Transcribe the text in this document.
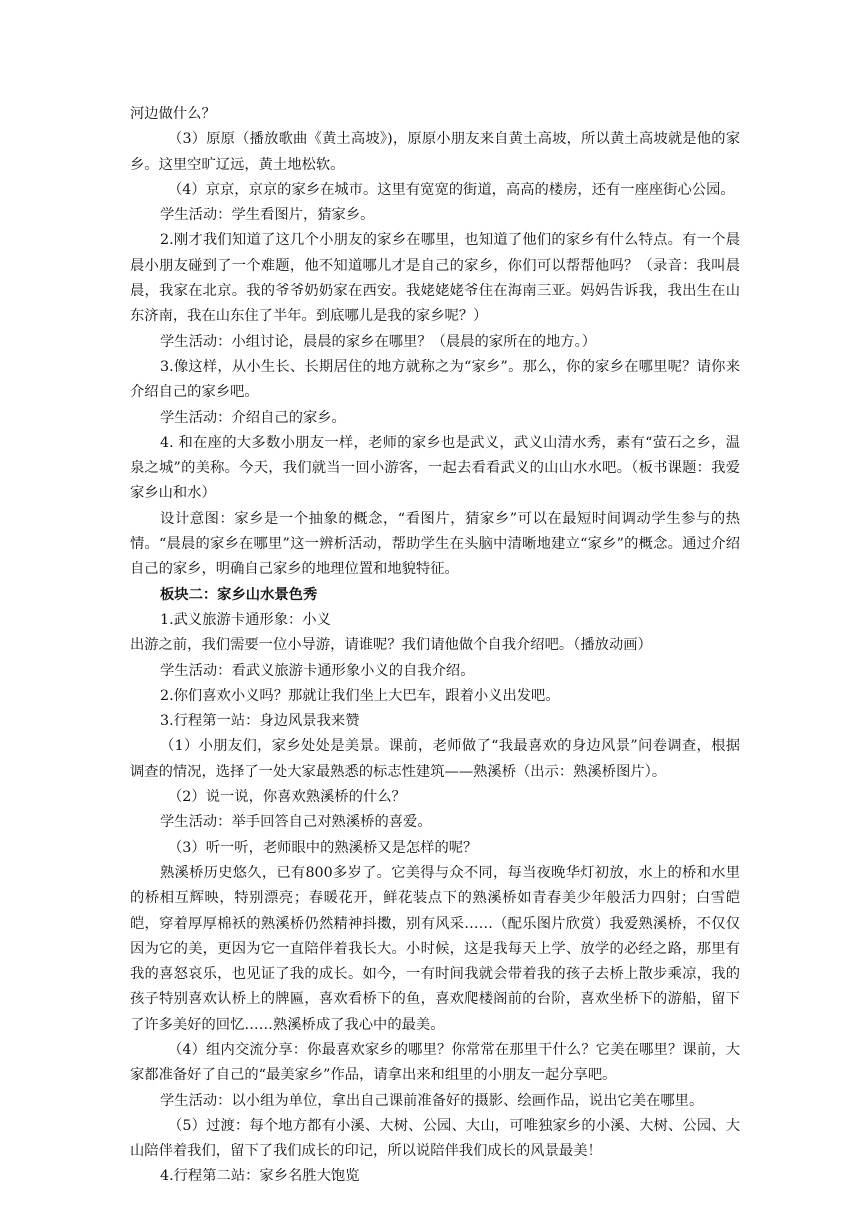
河边做什么？

（3）原原（播放歌曲《黄土高坡》)，原原小朋友来自黄土高坡，所以黄土高坡就是他的家乡。这里空旷辽远，黄土地松软。

（4）京京，京京的家乡在城市。这里有宽宽的街道，高高的楼房，还有一座座街心公园。

学生活动：学生看图片，猜家乡。

2.刚才我们知道了这几个小朋友的家乡在哪里，也知道了他们的家乡有什么特点。有一个晨晨小朋友碰到了一个难题，他不知道哪儿才是自己的家乡，你们可以帮帮他吗？（录音：我叫晨晨，我家在北京。我的爷爷奶奶家在西安。我姥姥姥爷住在海南三亚。妈妈告诉我，我出生在山东济南，我在山东住了半年。到底哪儿是我的家乡呢？）

学生活动：小组讨论，晨晨的家乡在哪里？（晨晨的家所在的地方。）

3.像这样，从小生长、长期居住的地方就称之为“家乡”。那么，你的家乡在哪里呢？请你来介绍自己的家乡吧。

学生活动：介绍自己的家乡。

4. 和在座的大多数小朋友一样，老师的家乡也是武义，武义山清水秀，素有“萤石之乡，温泉之城”的美称。今天，我们就当一回小游客，一起去看看武义的山山水水吧。（板书课题：我爱家乡山和水）

设计意图：家乡是一个抽象的概念，“看图片，猜家乡”可以在最短时间调动学生参与的热情。“晨晨的家乡在哪里”这一辨析活动，帮助学生在头脑中清晰地建立“家乡”的概念。通过介绍自己的家乡，明确自己家乡的地理位置和地貌特征。

板块二：家乡山水景色秀

1.武义旅游卡通形象：小义

出游之前，我们需要一位小导游，请谁呢？我们请他做个自我介绍吧。（播放动画）

学生活动：看武义旅游卡通形象小义的自我介绍。

2.你们喜欢小义吗？那就让我们坐上大巴车，跟着小义出发吧。

3.行程第一站：身边风景我来赞

（1）小朋友们，家乡处处是美景。课前，老师做了“我最喜欢的身边风景”问卷调查，根据调查的情况，选择了一处大家最熟悉的标志性建筑——熟溪桥（出示：熟溪桥图片）。

（2）说一说，你喜欢熟溪桥的什么？

学生活动：举手回答自己对熟溪桥的喜爱。

（3）听一听，老师眼中的熟溪桥又是怎样的呢？

熟溪桥历史悠久，已有800多岁了。它美得与众不同，每当夜晚华灯初放，水上的桥和水里的桥相互辉映，特别漂亮；春暖花开，鲜花装点下的熟溪桥如青春美少年般活力四射；白雪皑皑，穿着厚厚棉袄的熟溪桥仍然精神抖擞，别有风采……（配乐图片欣赏）我爱熟溪桥，不仅仅因为它的美，更因为它一直陪伴着我长大。小时候，这是我每天上学、放学的必经之路，那里有我的喜怒哀乐，也见证了我的成长。如今，一有时间我就会带着我的孩子去桥上散步乘凉，我的孩子特别喜欢认桥上的牌匾，喜欢看桥下的鱼，喜欢爬楼阁前的台阶，喜欢坐桥下的游船，留下了许多美好的回忆……熟溪桥成了我心中的最美。

（4）组内交流分享：你最喜欢家乡的哪里？你常常在那里干什么？它美在哪里？课前，大家都准备好了自己的“最美家乡”作品，请拿出来和组里的小朋友一起分享吧。

学生活动：以小组为单位，拿出自己课前准备好的摄影、绘画作品，说出它美在哪里。

（5）过渡：每个地方都有小溪、大树、公园、大山，可唯独家乡的小溪、大树、公园、大山陪伴着我们，留下了我们成长的印记，所以说陪伴我们成长的风景最美！

4.行程第二站：家乡名胜大饱览
